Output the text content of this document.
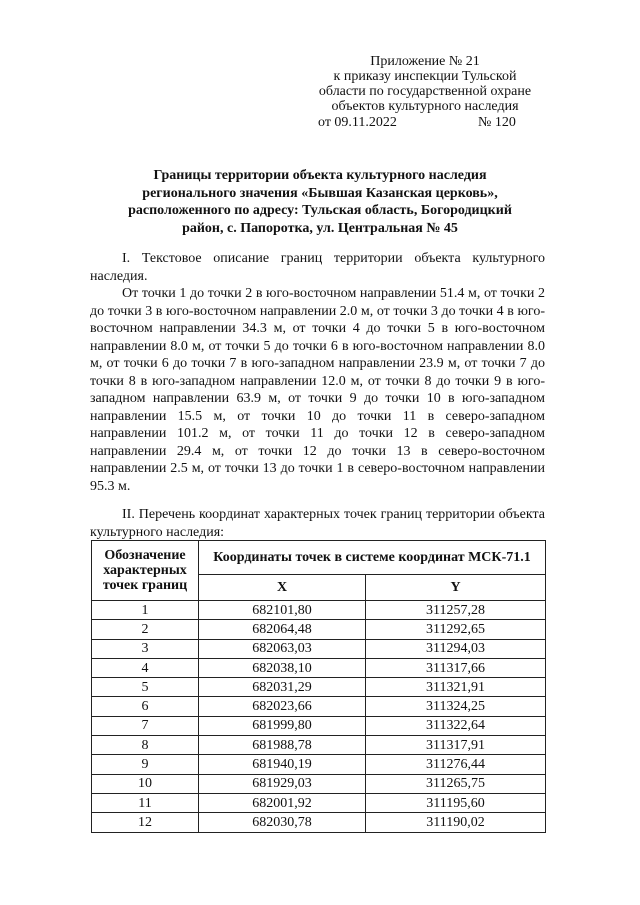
Приложение № 21
к приказу инспекции Тульской
области по государственной охране
объектов культурного наследия
от 09.11.2022	№ 120
Границы территории объекта культурного наследия
регионального значения «Бывшая Казанская церковь»,
расположенного по адресу: Тульская область, Богородицкий
район, с. Папоротка, ул. Центральная № 45
I. Текстовое описание границ территории объекта культурного наследия.
От точки 1 до точки 2 в юго-восточном направлении 51.4 м, от точки 2 до точки 3 в юго-восточном направлении 2.0 м, от точки 3 до точки 4 в юго-восточном направлении 34.3 м, от точки 4 до точки 5 в юго-восточном направлении 8.0 м, от точки 5 до точки 6 в юго-восточном направлении 8.0 м, от точки 6 до точки 7 в юго-западном направлении 23.9 м, от точки 7 до точки 8 в юго-западном направлении 12.0 м, от точки 8 до точки 9 в юго-западном направлении 63.9 м, от точки 9 до точки 10 в юго-западном направлении 15.5 м, от точки 10 до точки 11 в северо-западном направлении 101.2 м, от точки 11 до точки 12 в северо-западном направлении 29.4 м, от точки 12 до точки 13 в северо-восточном направлении 2.5 м, от точки 13 до точки 1 в северо-восточном направлении 95.3 м.
II. Перечень координат характерных точек границ территории объекта культурного наследия:
Обозначение характерных точек границ	Координаты точек в системе координат МСК-71.1	
	X	Y
1	682101,80	311257,28
2	682064,48	311292,65
3	682063,03	311294,03
4	682038,10	311317,66
5	682031,29	311321,91
6	682023,66	311324,25
7	681999,80	311322,64
8	681988,78	311317,91
9	681940,19	311276,44
10	681929,03	311265,75
11	682001,92	311195,60
12	682030,78	311190,02
